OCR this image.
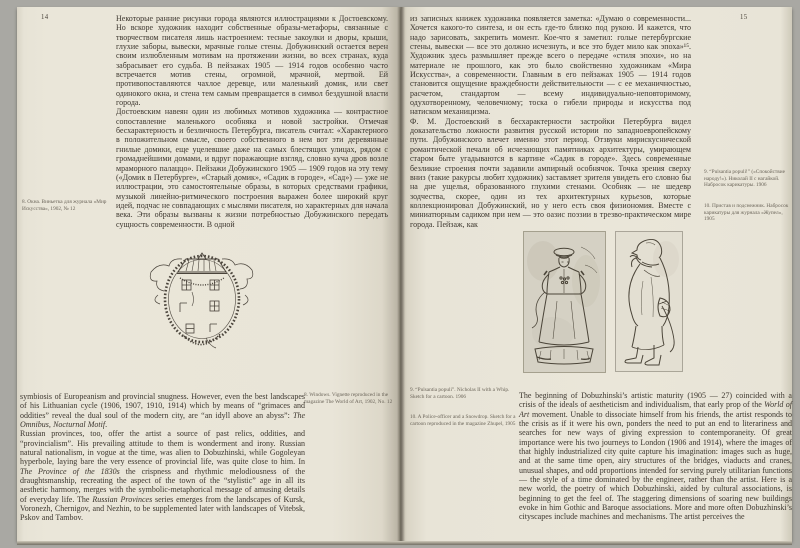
14	Некоторые ранние рисунки города являются иллюстрациями к Достоевскому. Но вскоре художник находит собственные образы-метафоры, связанные с творчеством писателя лишь настроением: тесные закоулки и дворы, крыши, глухие заборы, вывески, мрачные голые стены. Добужинский остается верен своим излюбленным мотивам на протяжении жизни, во всех странах, куда забрасывает его судьба. В пейзажах 1905 — 1914 годов особенно часто встречается мотив стены, огромной, мрачной, мертвой. Ей противопоставляются чахлое деревце, или маленький домик, или свет одинокого окна, и стена тем самым превращается в символ бездушной власти города.

Достоевским навеян один из любимых мотивов художника — контрастное сопоставление маленького особняка и новой застройки. Отмечая бесхарактерность и безличность Петербурга, писатель считал: «Характерного в положительном смысле, своего собственного в нем вот эти деревянные гнилые домики, еще уцелевшие даже на самых блестящих улицах, рядом с громаднейшими домами, и вдруг поражающие взгляд, словно куча дров возле мраморного палаццо». Пейзажи Добужинского 1905 — 1909 годов на эту тему («Домик в Петербурге», «Старый домик», «Садик в городе», «Сад») — уже не иллюстрации, это самостоятельные образы, в которых средствами графики, музыкой линейно-ритмического построения выражен более широкий круг идей, подчас не совпадающих с мыслями писателя, но характерных для начала века. Эти образы вызваны к жизни потребностью Добужинского передать сущность современности. В одной

8. Окна. Виньетка для журнала «Мир Искусства», 1902, № 12

symbiosis of Europeanism and provincial snugness. However, even the best landscapes of his Lithuanian cycle (1906, 1907, 1910, 1914) which by means of “grimaces and oddities” reveal the dual soul of the modern city, are “an idyll above an abyss”: The Omnibus, Nocturnal Motif.

Russian provinces, too, offer the artist a source of past relics, oddities, and “provincialism”. His prevailing attitude to them is wonderment and irony. Russian natural nationalism, in vogue at the time, was alien to Dobuzhinski, while Gogoleyan hyperbole, laying bare the very essence of provincial life, was quite close to him. In The Province of the 1830s the crispness and rhythmic melodiousness of the draughtsmanship, recreating the aspect of the town of the “stylistic” age in all its aesthetic harmony, merges with the symbolic-metaphorical message of amusing details of everyday life. The Russian Provinces series emerges from the landscapes of Kursk, Voronezh, Chernigov, and Nezhin, to be supplemented later with landscapes of Vitebsk, Pskov and Tambov.

8. Windows. Vignette reproduced in the magazine The World of Art, 1902, No. 12
15

из записных книжек художника появляется заметка: «Думаю о современности... Хочется какого-то синтеза, и он есть где-то близко под рукою. И кажется, что надо зарисовать, закрепить момент. Кое-что я заметил: голые петербургские стены, вывески — все это должно исчезнуть, и все это будет мило как эпоха»¹⁵. Художник здесь размышляет прежде всего о передаче «стиля эпохи», но на материале не прошлого, как это было свойственно художникам «Мира Искусства», а современности. Главным в его пейзажах 1905 — 1914 годов становится ощущение враждебности действительности — с ее механичностью, расчетом, стандартом — всему индивидуально-неповторимому, одухотворенному, человечному; тоска о гибели природы и искусства под натиском механицизма.

Ф. М. Достоевский в бесхарактерности застройки Петербурга видел доказательство ложности развития русской истории по западноевропейскому пути. Добужинского влечет именно этот период. Отзвуки мирискуснической романтической печали об исчезающих памятниках архитектуры, умирающем старом быте угадываются в картине «Садик в городе». Здесь современные безликие строения почти задавили ампирный особнячок. Точка зрения сверху вниз (такие ракурсы любит художник) заставляет зрителя увидеть его словно бы на дне ущелья, образованного глухими стенами. Особняк — не шедевр зодчества, скорее, один из тех архитектурных курьезов, которые коллекционировал Добужинский, но у него есть своя физиономия. Вместе с миниатюрным садиком при нем — это оазис поэзии в трезво-практическом мире города. Пейзаж, как

9. “Pulsantia populi!” («Спокойствие народу!»). Николай II с нагайкой. Набросок карикатуры. 1906
10. Пристав и подснежник. Набросок карикатуры для журнала «Жупел», 1905
9. “Pulsantia populi”. Nicholas II with a Whip. Sketch for a cartoon. 1906
10. A Police-officer and a Snowdrop. Sketch for a cartoon reproduced in the magazine Zhupel, 1905

The beginning of Dobuzhinski’s artistic maturity (1905 — 27) coincided with a crisis of the ideals of aestheticism and individualism, that early prop of the World of Art movement. Unable to dissociate himself from his friends, the artist responds to the crisis as if it were his own, ponders the need to put an end to literariness and searches for new ways of giving expression to contemporaneity. Of great importance were his two journeys to London (1906 and 1914), where the images of that highly industrialized city quite capture his imagination: images such as huge, and at the same time open, airy structures of the bridges, viaducts and cranes, unusual shapes, and odd proportions intended for serving purely utilitarian functions — the style of a time dominated by the engineer, rather than the artist. Here is a new world, the poetry of which Dobuzhinski, aided by cultural associations, is beginning to get the feel of. The staggering dimensions of soaring new buildings evoke in him Gothic and Baroque associations. More and more often Dobuzhinski’s cityscapes include machines and mechanisms. The artist perceives the
